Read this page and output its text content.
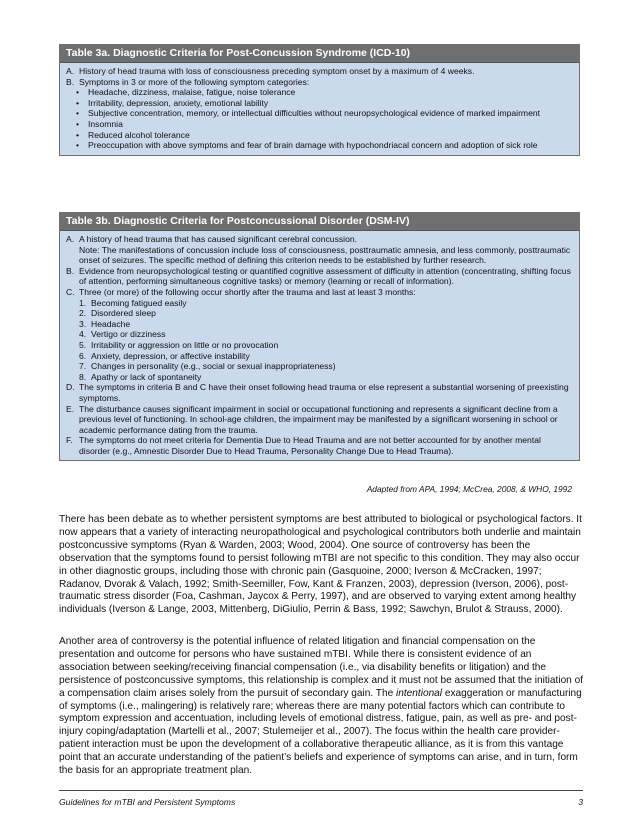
Table 3a. Diagnostic Criteria for Post-Concussion Syndrome (ICD-10)
A. History of head trauma with loss of consciousness preceding symptom onset by a maximum of 4 weeks.
B. Symptoms in 3 or more of the following symptom categories:
•	Headache, dizziness, malaise, fatigue, noise tolerance
•	Irritability, depression, anxiety, emotional lability
•	Subjective concentration, memory, or intellectual difficulties without neuropsychological evidence of marked impairment
•	Insomnia
•	Reduced alcohol tolerance
•	Preoccupation with above symptoms and fear of brain damage with hypochondriacal concern and adoption of sick role
Table 3b. Diagnostic Criteria for Postconcussional Disorder (DSM-IV)
A. A history of head trauma that has caused significant cerebral concussion.
Note: The manifestations of concussion include loss of consciousness, posttraumatic amnesia, and less commonly, posttraumatic onset of seizures. The specific method of defining this criterion needs to be established by further research.
B. Evidence from neuropsychological testing or quantified cognitive assessment of difficulty in attention (concentrating, shifting focus of attention, performing simultaneous cognitive tasks) or memory (learning or recall of information).
C. Three (or more) of the following occur shortly after the trauma and last at least 3 months:
1. Becoming fatigued easily
2. Disordered sleep
3. Headache
4. Vertigo or dizziness
5. Irritability or aggression on little or no provocation
6. Anxiety, depression, or affective instability
7. Changes in personality (e.g., social or sexual inappropriateness)
8. Apathy or lack of spontaneity
D. The symptoms in criteria B and C have their onset following head trauma or else represent a substantial worsening of preexisting symptoms.
E. The disturbance causes significant impairment in social or occupational functioning and represents a significant decline from a previous level of functioning. In school-age children, the impairment may be manifested by a significant worsening in school or academic performance dating from the trauma.
F. The symptoms do not meet criteria for Dementia Due to Head Trauma and are not better accounted for by another mental disorder (e.g., Amnestic Disorder Due to Head Trauma, Personality Change Due to Head Trauma).
Adapted from APA, 1994; McCrea, 2008, & WHO, 1992

There has been debate as to whether persistent symptoms are best attributed to biological or psychological factors. It now appears that a variety of interacting neuropathological and psychological contributors both underlie and maintain postconcussive symptoms (Ryan & Warden, 2003; Wood, 2004). One source of controversy has been the observation that the symptoms found to persist following mTBI are not specific to this condition. They may also occur in other diagnostic groups, including those with chronic pain (Gasquoine, 2000; Iverson & McCracken, 1997; Radanov, Dvorak & Valach, 1992; Smith-Seemiller, Fow, Kant & Franzen, 2003), depression (Iverson, 2006), post-traumatic stress disorder (Foa, Cashman, Jaycox & Perry, 1997), and are observed to varying extent among healthy individuals (Iverson & Lange, 2003, Mittenberg, DiGiulio, Perrin & Bass, 1992; Sawchyn, Brulot & Strauss, 2000).

Another area of controversy is the potential influence of related litigation and financial compensation on the presentation and outcome for persons who have sustained mTBI. While there is consistent evidence of an association between seeking/receiving financial compensation (i.e., via disability benefits or litigation) and the persistence of postconcussive symptoms, this relationship is complex and it must not be assumed that the initiation of a compensation claim arises solely from the pursuit of secondary gain. The intentional exaggeration or manufacturing of symptoms (i.e., malingering) is relatively rare; whereas there are many potential factors which can contribute to symptom expression and accentuation, including levels of emotional distress, fatigue, pain, as well as pre- and post-injury coping/adaptation (Martelli et al., 2007; Stulemeijer et al., 2007). The focus within the health care provider-patient interaction must be upon the development of a collaborative therapeutic alliance, as it is from this vantage point that an accurate understanding of the patient’s beliefs and experience of symptoms can arise, and in turn, form the basis for an appropriate treatment plan.

Guidelines for mTBI and Persistent Symptoms	3
